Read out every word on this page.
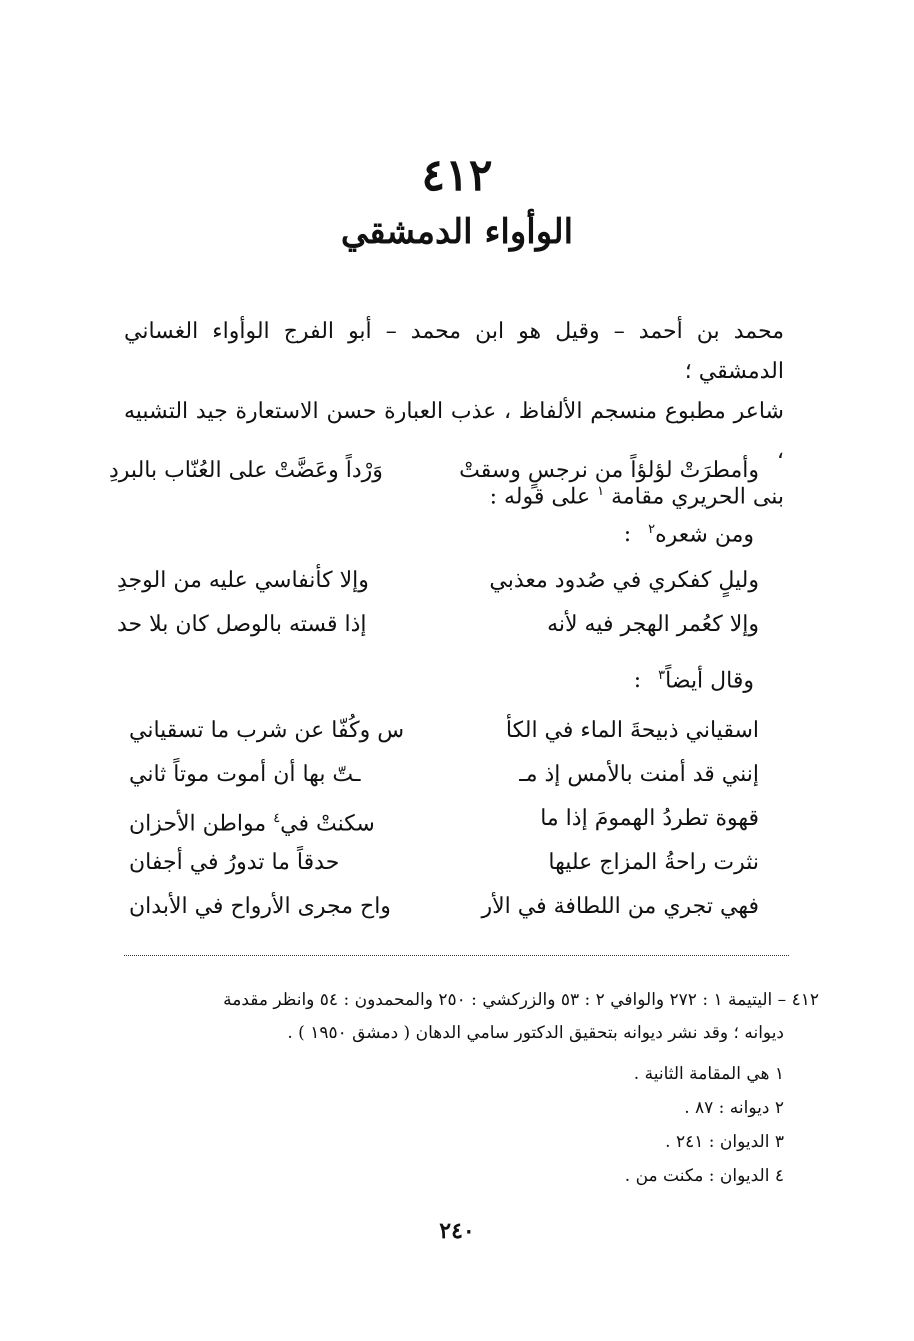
٤١٢
الوأواء الدمشقي

محمد بن أحمد – وقيل هو ابن محمد – أبو الفرج الوأواء الغساني الدمشقي ؛

شاعر مطبوع منسجم الألفاظ ، عذب العبارة حسن الاستعارة جيد التشبيه ،

بنى الحريري مقامة $^١$ على قوله :

وأمطرَتْ لؤلؤاً من نرجسٍ وسقتْ
وَرْداً وعَضَّتْ على العُنّاب بالبردِ
ومن شعره$^٢$ :
وليلٍ كفكري في صُدود معذبي
وإلا كأنفاسي عليه من الوجدِ
وإلا كعُمر الهجر فيه لأنه
إذا قسته بالوصل كان بلا حد
وقال أيضاً$^٣$ :
اسقياني ذبيحةَ الماء في الكأ
س وكُفّا عن شرب ما تسقياني
إنني قد أمنت بالأمس إذ مـ
ـتّ بها أن أموت موتاً ثاني
قهوة تطردُ الهمومَ إذا ما
سكنتْ في$^٤$ مواطن الأحزان
نثرت راحةُ المزاج عليها
حدقاً ما تدورُ في أجفان
فهي تجري من اللطافة في الأر
واح مجرى الأرواح في الأبدان
٤١٢ – اليتيمة ١ : ٢٧٢ والوافي ٢ : ٥٣ والزركشي : ٢٥٠ والمحمدون : ٥٤ وانظر مقدمة
ديوانه ؛ وقد نشر ديوانه بتحقيق الدكتور سامي الدهان ( دمشق ١٩٥٠ ) .
١ هي المقامة الثانية .
٢ ديوانه : ٨٧ .
٣ الديوان : ٢٤١ .
٤ الديوان : مكنت من .
٢٤٠
